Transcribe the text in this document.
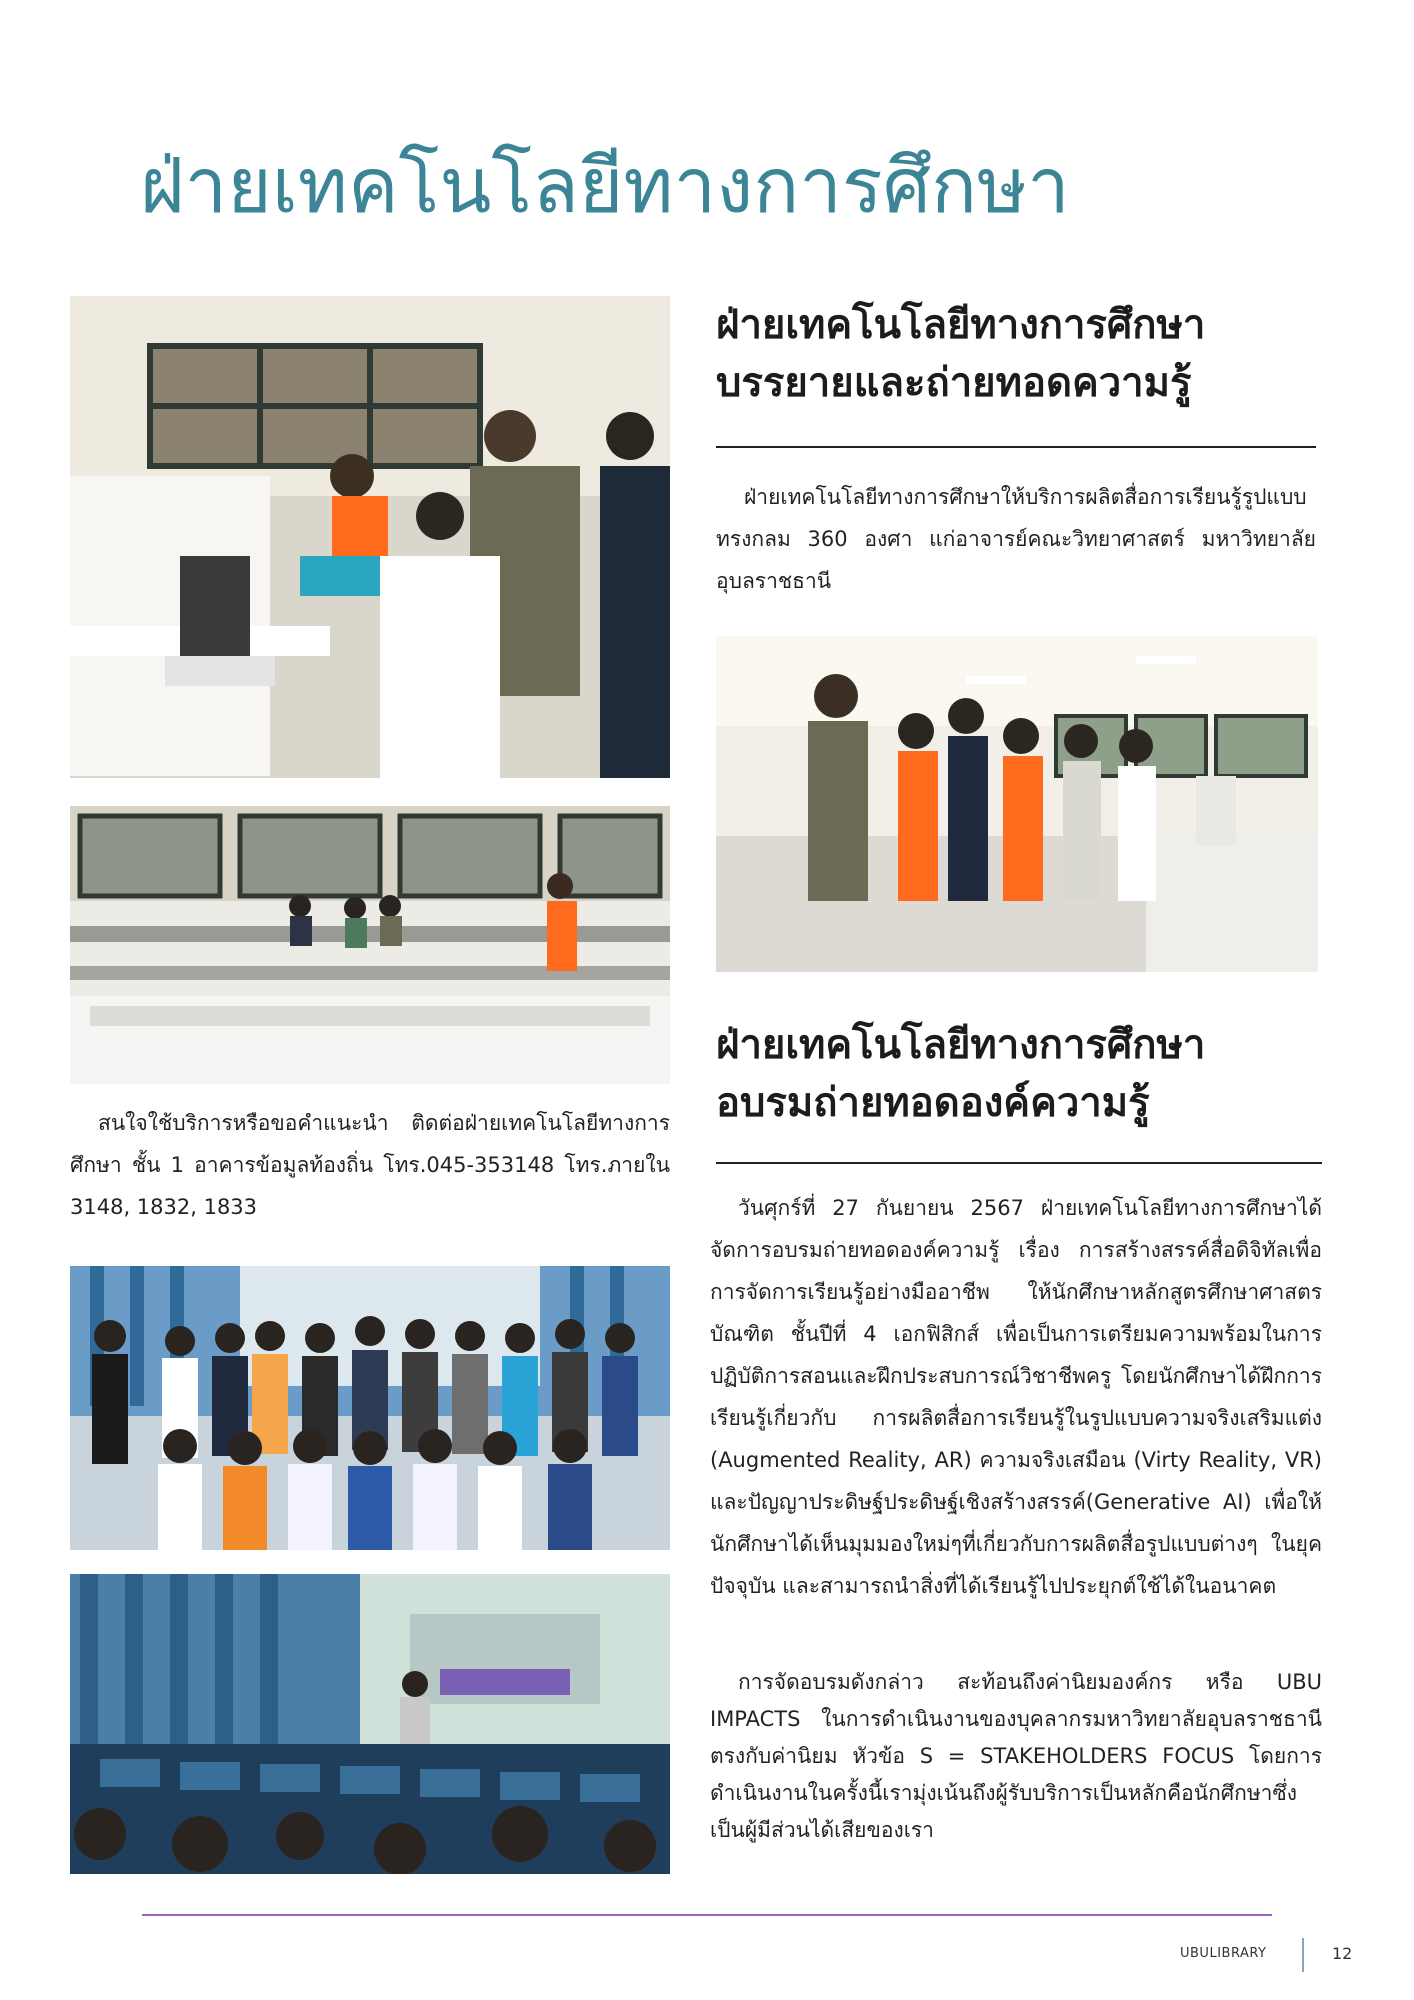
ฝ่ายเทคโนโลยีทางการศึกษา
ฝ่ายเทคโนโลยีทางการศึกษา
บรรยายและถ่ายทอดความรู้

ฝ่ายเทคโนโลยีทางการศึกษาให้บริการผลิตสื่อการเรียนรู้รูปแบบทรงกลม 360 องศา แก่อาจารย์คณะวิทยาศาสตร์ มหาวิทยาลัยอุบลราชธานี

ฝ่ายเทคโนโลยีทางการศึกษา
อบรมถ่ายทอดองค์ความรู้

วันศุกร์ที่ 27 กันยายน 2567 ฝ่ายเทคโนโลยีทางการศึกษาได้จัดการอบรมถ่ายทอดองค์ความรู้ เรื่อง การสร้างสรรค์สื่อดิจิทัลเพื่อการจัดการเรียนรู้อย่างมืออาชีพ ให้นักศึกษาหลักสูตรศึกษาศาสตรบัณฑิต ชั้นปีที่ 4 เอกฟิสิกส์ เพื่อเป็นการเตรียมความพร้อมในการปฏิบัติการสอนและฝึกประสบการณ์วิชาชีพครู โดยนักศึกษาได้ฝึกการเรียนรู้เกี่ยวกับ การผลิตสื่อการเรียนรู้ในรูปแบบความจริงเสริมแต่ง (Augmented Reality, AR) ความจริงเสมือน (Virty Reality, VR) และปัญญาประดิษฐ์ประดิษฐ์เชิงสร้างสรรค์(Generative AI) เพื่อให้นักศึกษาได้เห็นมุมมองใหม่ๆที่เกี่ยวกับการผลิตสื่อรูปแบบต่างๆ ในยุคปัจจุบัน และสามารถนำสิ่งที่ได้เรียนรู้ไปประยุกต์ใช้ได้ในอนาคต

การจัดอบรมดังกล่าว สะท้อนถึงค่านิยมองค์กร หรือ UBU IMPACTS ในการดำเนินงานของบุคลากรมหาวิทยาลัยอุบลราชธานี ตรงกับค่านิยม หัวข้อ S = STAKEHOLDERS FOCUS โดยการดำเนินงานในครั้งนี้เรามุ่งเน้นถึงผู้รับบริการเป็นหลักคือนักศึกษาซึ่งเป็นผู้มีส่วนได้เสียของเรา

สนใจใช้บริการหรือขอคำแนะนำ ติดต่อฝ่ายเทคโนโลยีทางการศึกษา ชั้น 1 อาคารข้อมูลท้องถิ่น โทร.045-353148 โทร.ภายใน 3148, 1832, 1833

UBULIBRARY	12
